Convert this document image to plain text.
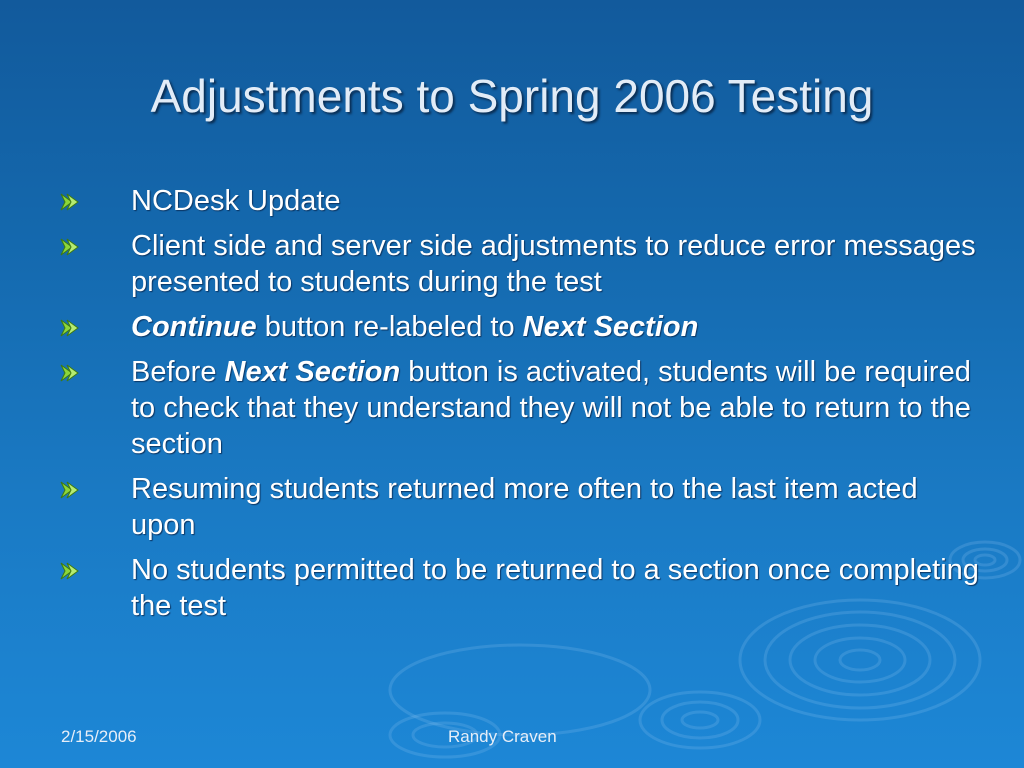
Adjustments to Spring 2006 Testing
NCDesk Update
Client side and server side adjustments to reduce error messages presented to students during the test
Continue button re-labeled to Next Section
Before Next Section button is activated, students will be required to check that they understand they will not be able to return to the section
Resuming students returned more often to the last item acted upon
No students permitted to be returned to a section once completing the test
2/15/2006	Randy Craven
